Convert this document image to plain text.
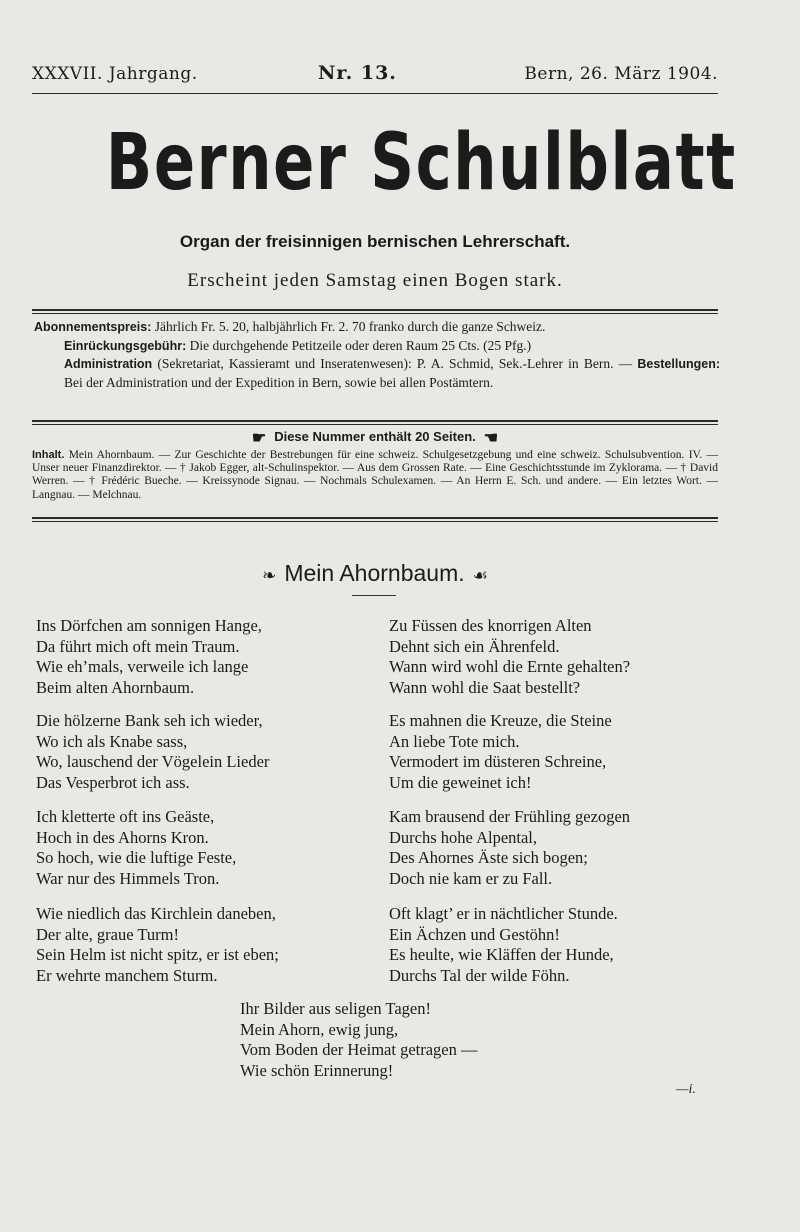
XXXVII. Jahrgang.	Nr. 13.	Bern, 26. März 1904.
Berner Schulblatt
Organ der freisinnigen bernischen Lehrerschaft.
Erscheint jeden Samstag einen Bogen stark.

Abonnementspreis: Jährlich Fr. 5. 20, halbjährlich Fr. 2. 70 franko durch die ganze Schweiz.

Einrückungsgebühr: Die durchgehende Petitzeile oder deren Raum 25 Cts. (25 Pfg.)

Administration (Sekretariat, Kassieramt und Inseratenwesen): P. A. Schmid, Sek.-Lehrer in Bern. — Bestellungen: Bei der Administration und der Expedition in Bern, sowie bei allen Postämtern.

☛ Diese Nummer enthält 20 Seiten. ☚
Inhalt. Mein Ahornbaum. — Zur Geschichte der Bestrebungen für eine schweiz. Schulgesetzgebung und eine schweiz. Schulsubvention. IV. — Unser neuer Finanzdirektor. — † Jakob Egger, alt-Schulinspektor. — Aus dem Grossen Rate. — Eine Geschichtsstunde im Zyklorama. — † David Werren. — † Frédéric Bueche. — Kreissynode Signau. — Nochmals Schulexamen. — An Herrn E. Sch. und andere. — Ein letztes Wort. — Langnau. — Melchnau.
❧ Mein Ahornbaum. ☙
Ins Dörfchen am sonnigen Hange,
Da führt mich oft mein Traum.
Wie eh’mals, verweile ich lange
Beim alten Ahornbaum.
Die hölzerne Bank seh ich wieder,
Wo ich als Knabe sass,
Wo, lauschend der Vögelein Lieder
Das Vesperbrot ich ass.
Ich kletterte oft ins Geäste,
Hoch in des Ahorns Kron.
So hoch, wie die luftige Feste,
War nur des Himmels Tron.
Wie niedlich das Kirchlein daneben,
Der alte, graue Turm!
Sein Helm ist nicht spitz, er ist eben;
Er wehrte manchem Sturm.
Zu Füssen des knorrigen Alten
Dehnt sich ein Ährenfeld.
Wann wird wohl die Ernte gehalten?
Wann wohl die Saat bestellt?
Es mahnen die Kreuze, die Steine
An liebe Tote mich.
Vermodert im düsteren Schreine,
Um die geweinet ich!
Kam brausend der Frühling gezogen
Durchs hohe Alpental,
Des Ahornes Äste sich bogen;
Doch nie kam er zu Fall.
Oft klagt’ er in nächtlicher Stunde.
Ein Ächzen und Gestöhn!
Es heulte, wie Kläffen der Hunde,
Durchs Tal der wilde Föhn.
Ihr Bilder aus seligen Tagen!
Mein Ahorn, ewig jung,
Vom Boden der Heimat getragen —
Wie schön Erinnerung!
—i.
